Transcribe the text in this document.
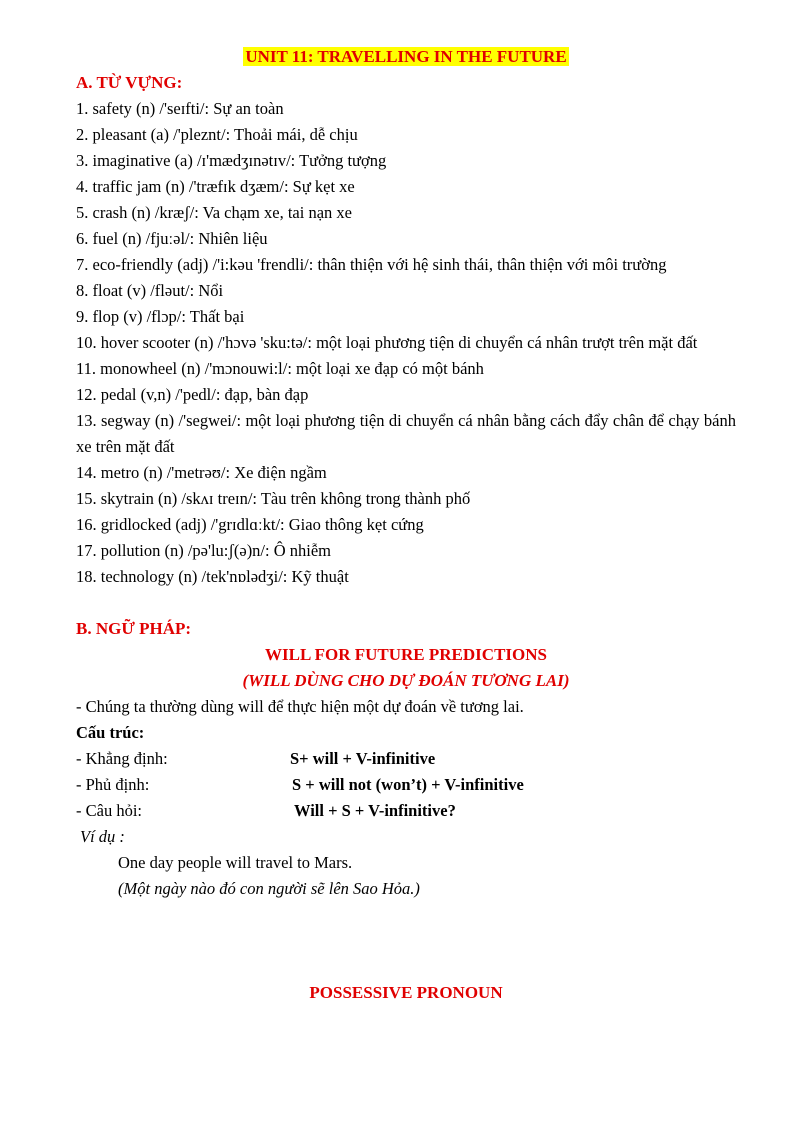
UNIT 11: TRAVELLING IN THE FUTURE
A. TỪ VỰNG:
1. safety (n) /'seɪfti/: Sự an toàn
2. pleasant (a) /'pleznt/: Thoải mái, dễ chịu
3. imaginative (a) /ɪ'mædʒɪnətɪv/: Tưởng tượng
4. traffic jam (n) /'træfɪk dʒæm/: Sự kẹt xe
5. crash (n) /kræʃ/: Va chạm xe, tai nạn xe
6. fuel (n) /fjuːəl/: Nhiên liệu
7. eco-friendly (adj) /'i:kəu 'frendli/: thân thiện với hệ sinh thái, thân thiện với môi trường
8. float (v) /fləut/: Nổi
9. flop (v) /flɔp/: Thất bại
10. hover scooter (n) /'hɔvə 'sku:tə/: một loại phương tiện di chuyển cá nhân trượt trên mặt đất
11. monowheel (n) /'mɔnouwi:l/: một loại xe đạp có một bánh
12. pedal (v,n) /'pedl/: đạp, bàn đạp
13. segway (n) /'segwei/: một loại phương tiện di chuyển cá nhân bằng cách đẩy chân để chạy bánh xe trên mặt đất
14. metro (n) /'metrəʊ/: Xe điện ngầm
15. skytrain (n) /skʌɪ treɪn/: Tàu trên không trong thành phố
16. gridlocked (adj) /'grɪdlɑːkt/: Giao thông kẹt cứng
17. pollution (n) /pə'lu:ʃ(ə)n/: Ô nhiễm
18. technology (n) /tek'nɒlədʒi/: Kỹ thuật
B. NGỮ PHÁP:
WILL FOR FUTURE PREDICTIONS
(WILL DÙNG CHO DỰ ĐOÁN TƯƠNG LAI)
- Chúng ta thường dùng will để thực hiện một dự đoán về tương lai.
Cấu trúc:
- Khẳng định:	S+ will + V-infinitive
- Phủ định:	S + will not (won’t) + V-infinitive
- Câu hỏi:	Will + S + V-infinitive?
Ví dụ :
One day people will travel to Mars.
(Một ngày nào đó con người sẽ lên Sao Hỏa.)
POSSESSIVE PRONOUN
